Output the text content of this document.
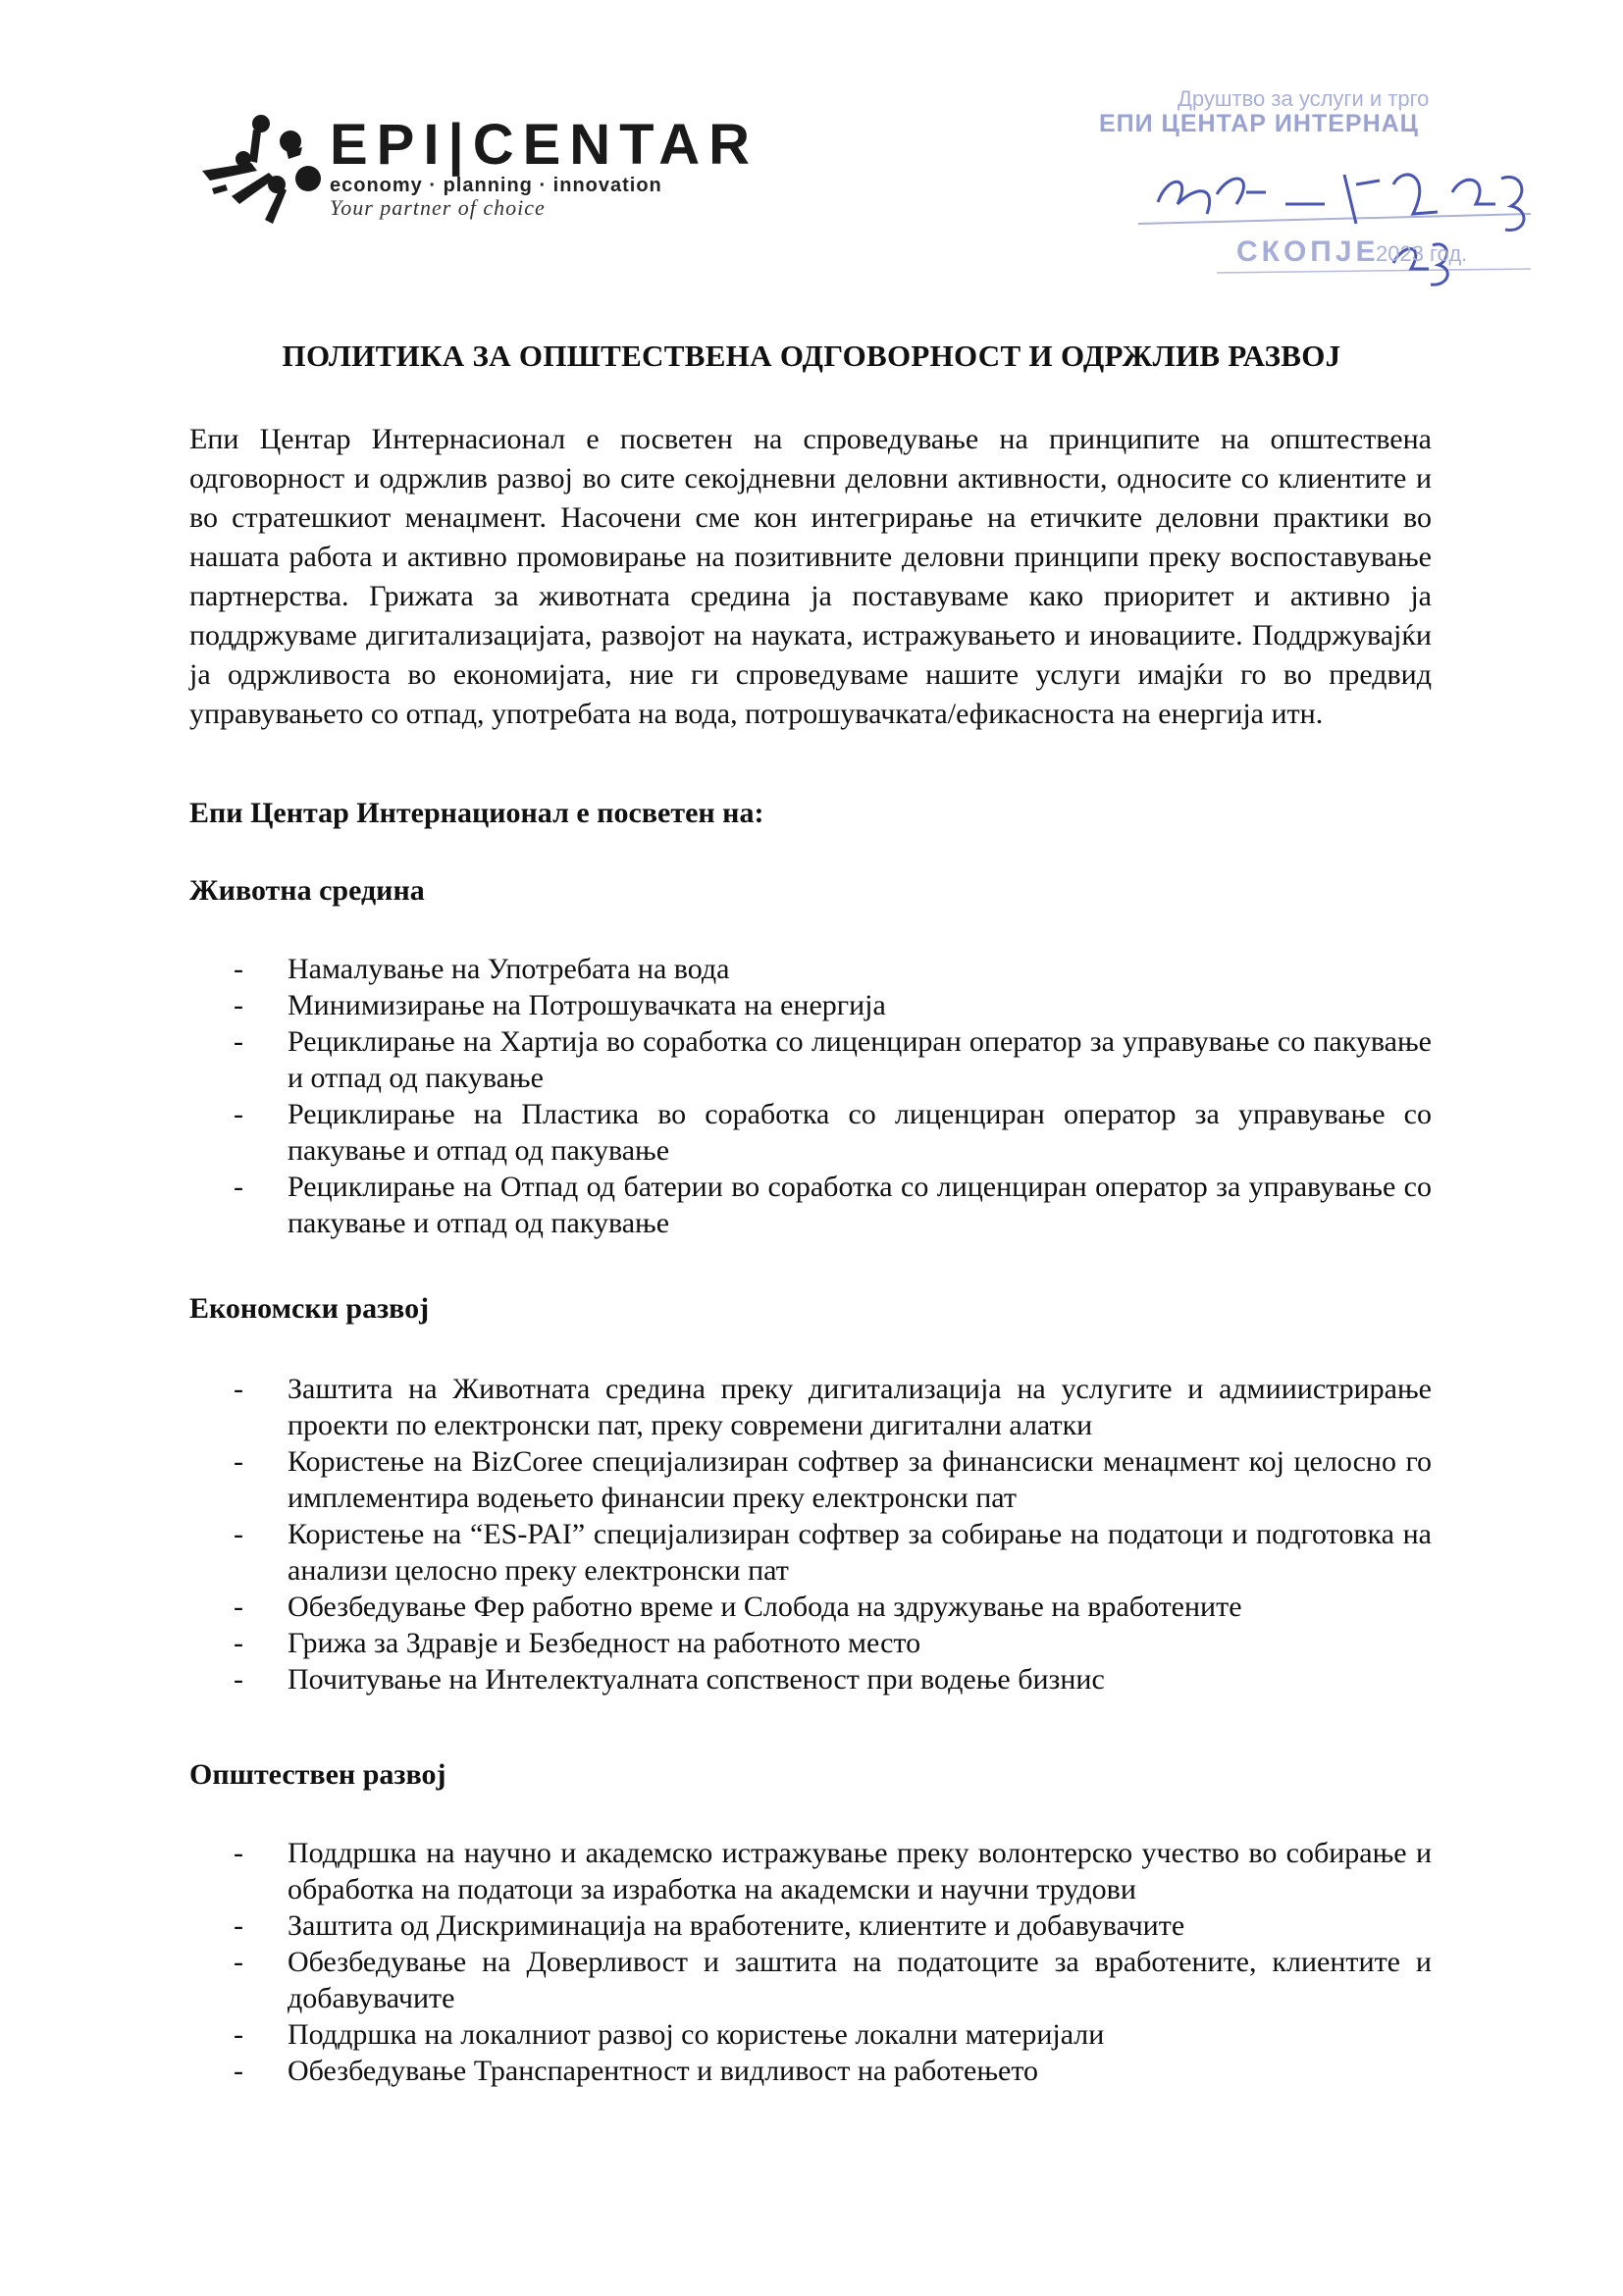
EPI|CENTAR
economy · planning · innovation
Your partner of choice
Друштво за услуги и трго
ЕПИ ЦЕНТАР ИНТЕРНАЦ
СКОПЈЕ
2023 год.
ПОЛИТИКА ЗА ОПШТЕСТВЕНА ОДГОВОРНОСТ И ОДРЖЛИВ РАЗВОЈ
Епи Центар Интернасионал е посветен на спроведување на принципите на општествена одговорност и одржлив развој во сите секојдневни деловни активности, односите со клиентите и во стратешкиот менаџмент. Насочени сме кон интегрирање на етичките деловни практики во нашата работа и активно промовирање на позитивните деловни принципи преку воспоставување партнерства. Грижата за животната средина ја поставуваме како приоритет и активно ја поддржуваме дигитализацијата, развојот на науката, истражувањето и иновациите. Поддржувајќи ја одржливоста во економијата, ние ги спроведуваме нашите услуги имајќи го во предвид управувањето со отпад, употребата на вода, потрошувачката/ефикасноста на енергија итн.
Епи Центар Интернационал е посветен на:
Животна средина
- Намалување на Употребата на вода
- Минимизирање на Потрошувачката на енергија
- Рециклирање на Хартија во соработка со лиценциран оператор за управување со пакување и отпад од пакување
- Рециклирање на Пластика во соработка со лиценциран оператор за управување со пакување и отпад од пакување
- Рециклирање на Отпад од батерии во соработка со лиценциран оператор за управување со пакување и отпад од пакување
Економски развој
- Заштита на Животната средина преку дигитализација на услугите и адмииистрирање проекти по електронски пат, преку современи дигитални алатки
- Користење на BizCoree специјализиран софтвер за финансиски менаџмент кој целосно го имплементира водењето финансии преку електронски пат
- Користење на “ES-PAI” специјализиран софтвер за собирање на податоци и подготовка на анализи целосно преку електронски пат
- Обезбедување Фер работно време и Слобода на здружување на вработените
- Грижа за Здравје и Безбедност на работното место
- Почитување на Интелектуалната сопственост при водење бизнис
Општествен развој
- Поддршка на научно и академско истражување преку волонтерско учество во собирање и обработка на податоци за изработка на академски и научни трудови
- Заштита од Дискриминација на вработените, клиентите и добавувачите
- Обезбедување на Доверливост и заштита на податоците за вработените, клиентите и добавувачите
- Поддршка на локалниот развој со користење локални материјали
- Обезбедување Транспарентност и видливост на работењето
